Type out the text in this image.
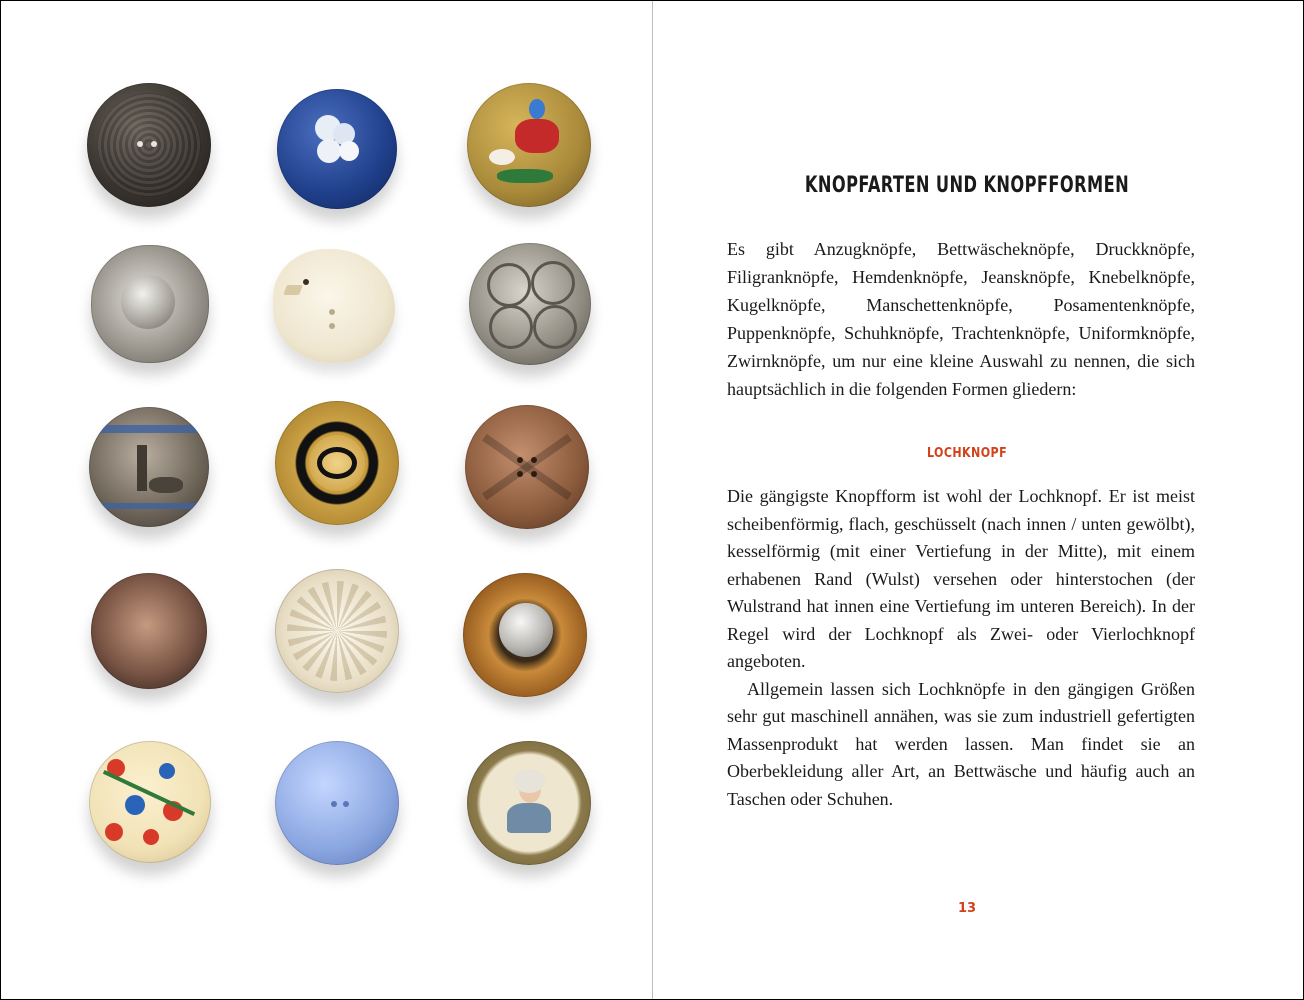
KNOPFARTEN UND KNOPFFORMEN

Es gibt Anzugknöpfe, Bettwäscheknöpfe, Druckknöpfe, Filigranknöpfe, Hemdenknöpfe, Jeansknöpfe, Knebelknöpfe, Kugelknöpfe, Manschettenknöpfe, Posamentenknöpfe, Puppenknöpfe, Schuhknöpfe, Trachtenknöpfe, Uniformknöpfe, Zwirnknöpfe, um nur eine kleine Auswahl zu nennen, die sich hauptsächlich in die folgenden Formen gliedern:

LOCHKNOPF

Die gängigste Knopfform ist wohl der Lochknopf. Er ist meist scheibenförmig, flach, geschüsselt (nach innen / unten gewölbt), kesselförmig (mit einer Vertiefung in der Mitte), mit einem erhabenen Rand (Wulst) versehen oder hinterstochen (der Wulstrand hat innen eine Vertiefung im unteren Bereich). In der Regel wird der Lochknopf als Zwei- oder Vierlochknopf angeboten.

Allgemein lassen sich Lochknöpfe in den gängigen Größen sehr gut maschinell annähen, was sie zum industriell gefertigten Massenprodukt hat werden lassen. Man findet sie an Oberbekleidung aller Art, an Bettwäsche und häufig auch an Taschen oder Schuhen.

13
